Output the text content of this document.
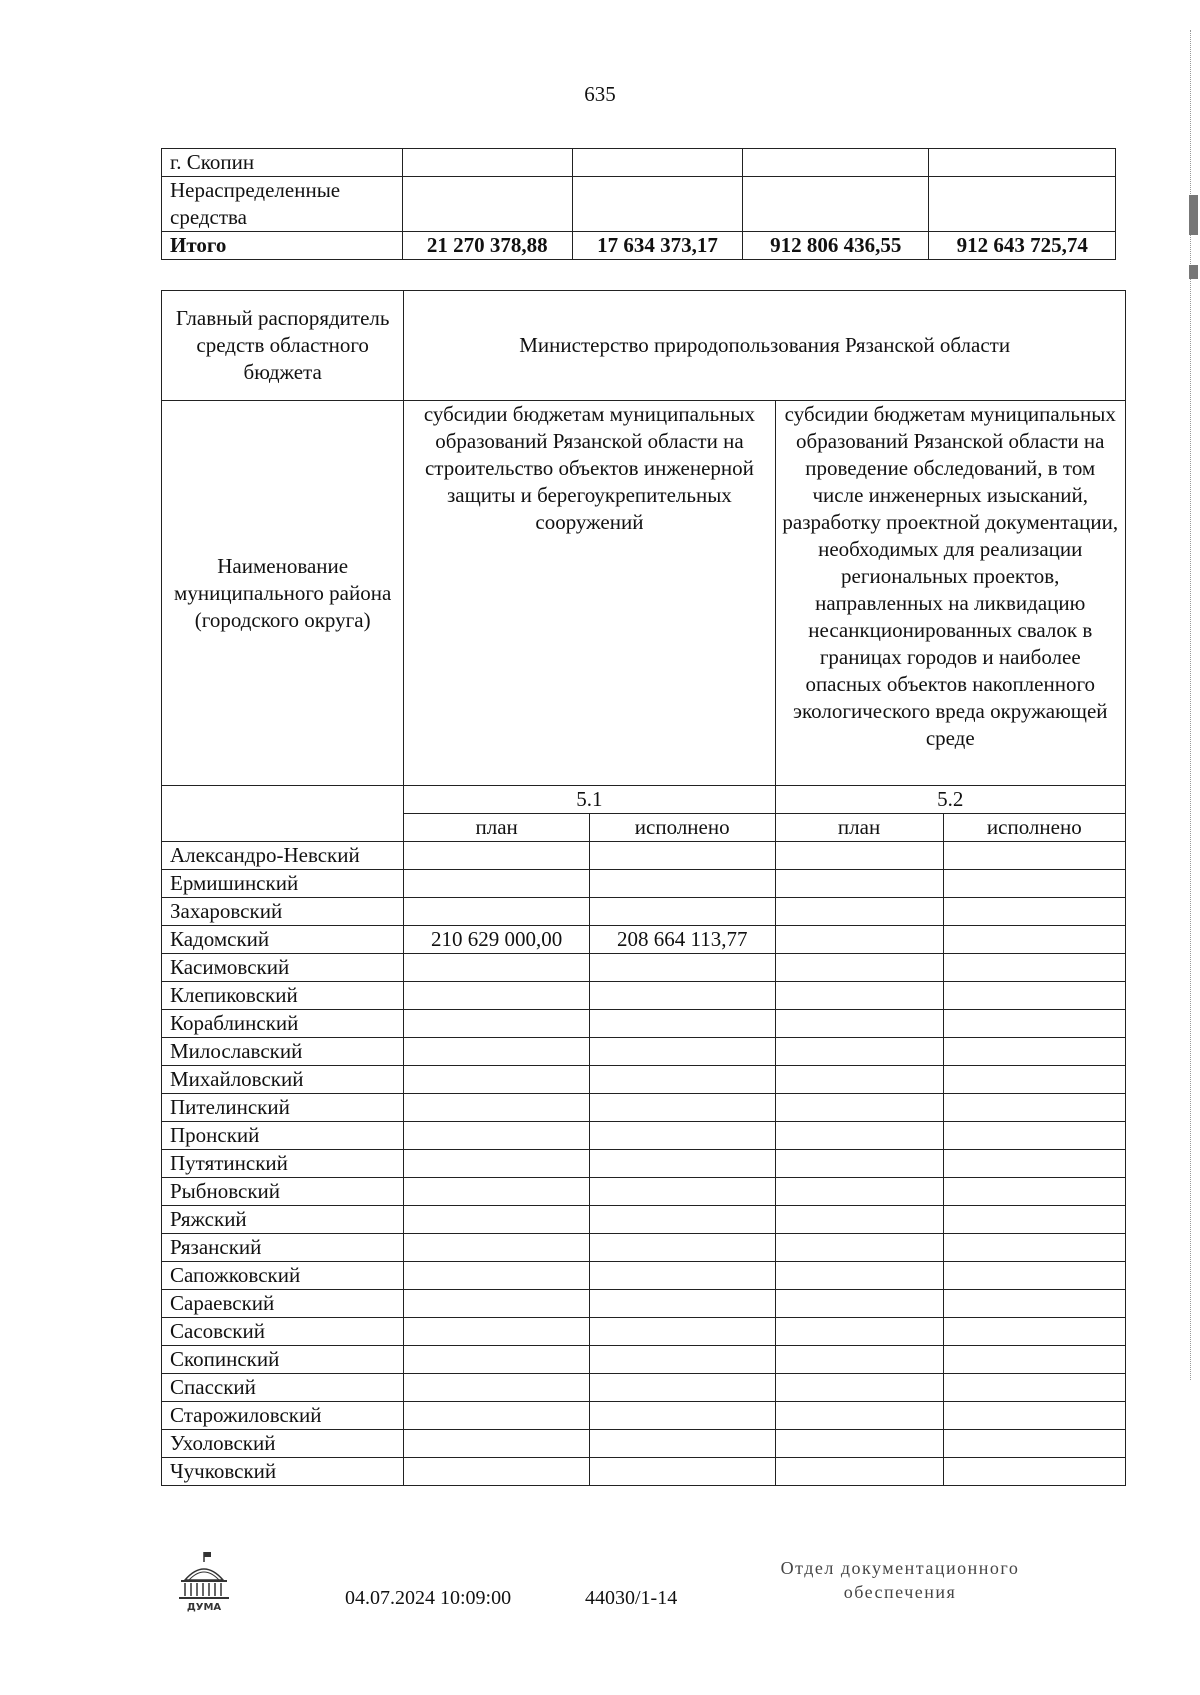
635
г. Скопин				
Нераспределенные средства				
Итого	21 270 378,88	17 634 373,17	912 806 436,55	912 643 725,74
Главный распорядитель средств областного бюджета	Министерство природопользования Рязанской области			
Наименование муниципального района (городского округа)	субсидии бюджетам муниципальных образований Рязанской области на строительство объектов инженерной защиты и берегоукрепительных сооружений		субсидии бюджетам муниципальных образований Рязанской области на проведение обследований, в том числе инженерных изысканий, разработку проектной документации, необходимых для реализации региональных проектов, направленных на ликвидацию несанкционированных свалок в границах городов и наиболее опасных объектов накопленного экологического вреда окружающей среде	
	5.1		5.2	
	план	исполнено	план	исполнено
Александро-Невский				
Ермишинский				
Захаровский				
Кадомский	210 629 000,00	208 664 113,77		
Касимовский				
Клепиковский				
Кораблинский				
Милославский				
Михайловский				
Пителинский				
Пронский				
Путятинский				
Рыбновский				
Ряжский				
Рязанский				
Сапожковский				
Сараевский				
Сасовский				
Скопинский				
Спасский				
Старожиловский				
Ухоловский				
Чучковский				
ДУМА	04.07.2024 10:09:00	44030/1-14
Отдел документационного
обеспечения
